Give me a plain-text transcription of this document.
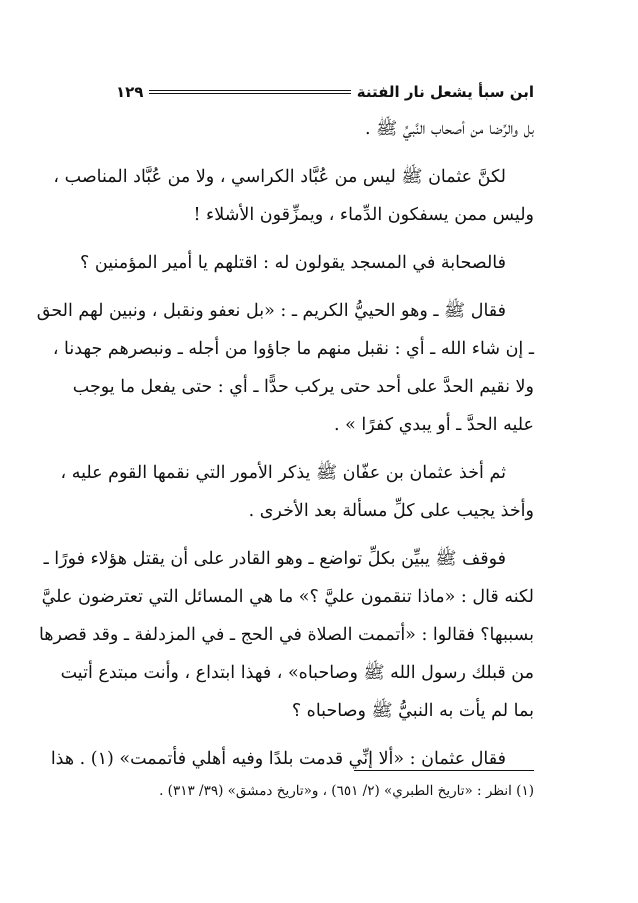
ابن سبأ يشعل نار الفتنة
١٢٩
بل والرِّضا من أصحاب النَّبيِّ ﷺ .
لكنَّ عثمان ﷺ ليس من عُبَّاد الكراسي ، ولا من عُبَّاد المناصب ،
وليس ممن يسفكون الدِّماء ، ويمزِّقون الأشلاء !
فالصحابة في المسجد يقولون له : اقتلهم يا أمير المؤمنين ؟
فقال ﷺ ـ وهو الحييُّ الكريم ـ : «بل نعفو ونقبل ، ونبين لهم الحق
ـ إن شاء الله ـ أي : نقبل منهم ما جاؤوا من أجله ـ ونبصرهم جهدنا ،
ولا نقيم الحدَّ على أحد حتى يركب حدًّا ـ أي : حتى يفعل ما يوجب
عليه الحدَّ ـ أو يبدي كفرًا » .
ثم أخذ عثمان بن عفّان ﷺ يذكر الأمور التي نقمها القوم عليه ،
وأخذ يجيب على كلِّ مسألة بعد الأخرى .
فوقف ﷺ يبيِّن بكلِّ تواضع ـ وهو القادر على أن يقتل هؤلاء فورًا ـ
لكنه قال : «ماذا تنقمون عليَّ ؟» ما هي المسائل التي تعترضون عليَّ
بسببها؟ فقالوا : «أتممت الصلاة في الحج ـ في المزدلفة ـ وقد قصرها
من قبلك رسول الله ﷺ وصاحباه» ، فهذا ابتداع ، وأنت مبتدع أتيت
بما لم يأت به النبيُّ ﷺ وصاحباه ؟
فقال عثمان : «ألا إنِّي قدمت بلدًا وفيه أهلي فأتممت» (١) . هذا
(١) انظر : «تاريخ الطبري» (٢/ ٦٥١) ، و«تاريخ دمشق» (٣٩/ ٣١٣) .
